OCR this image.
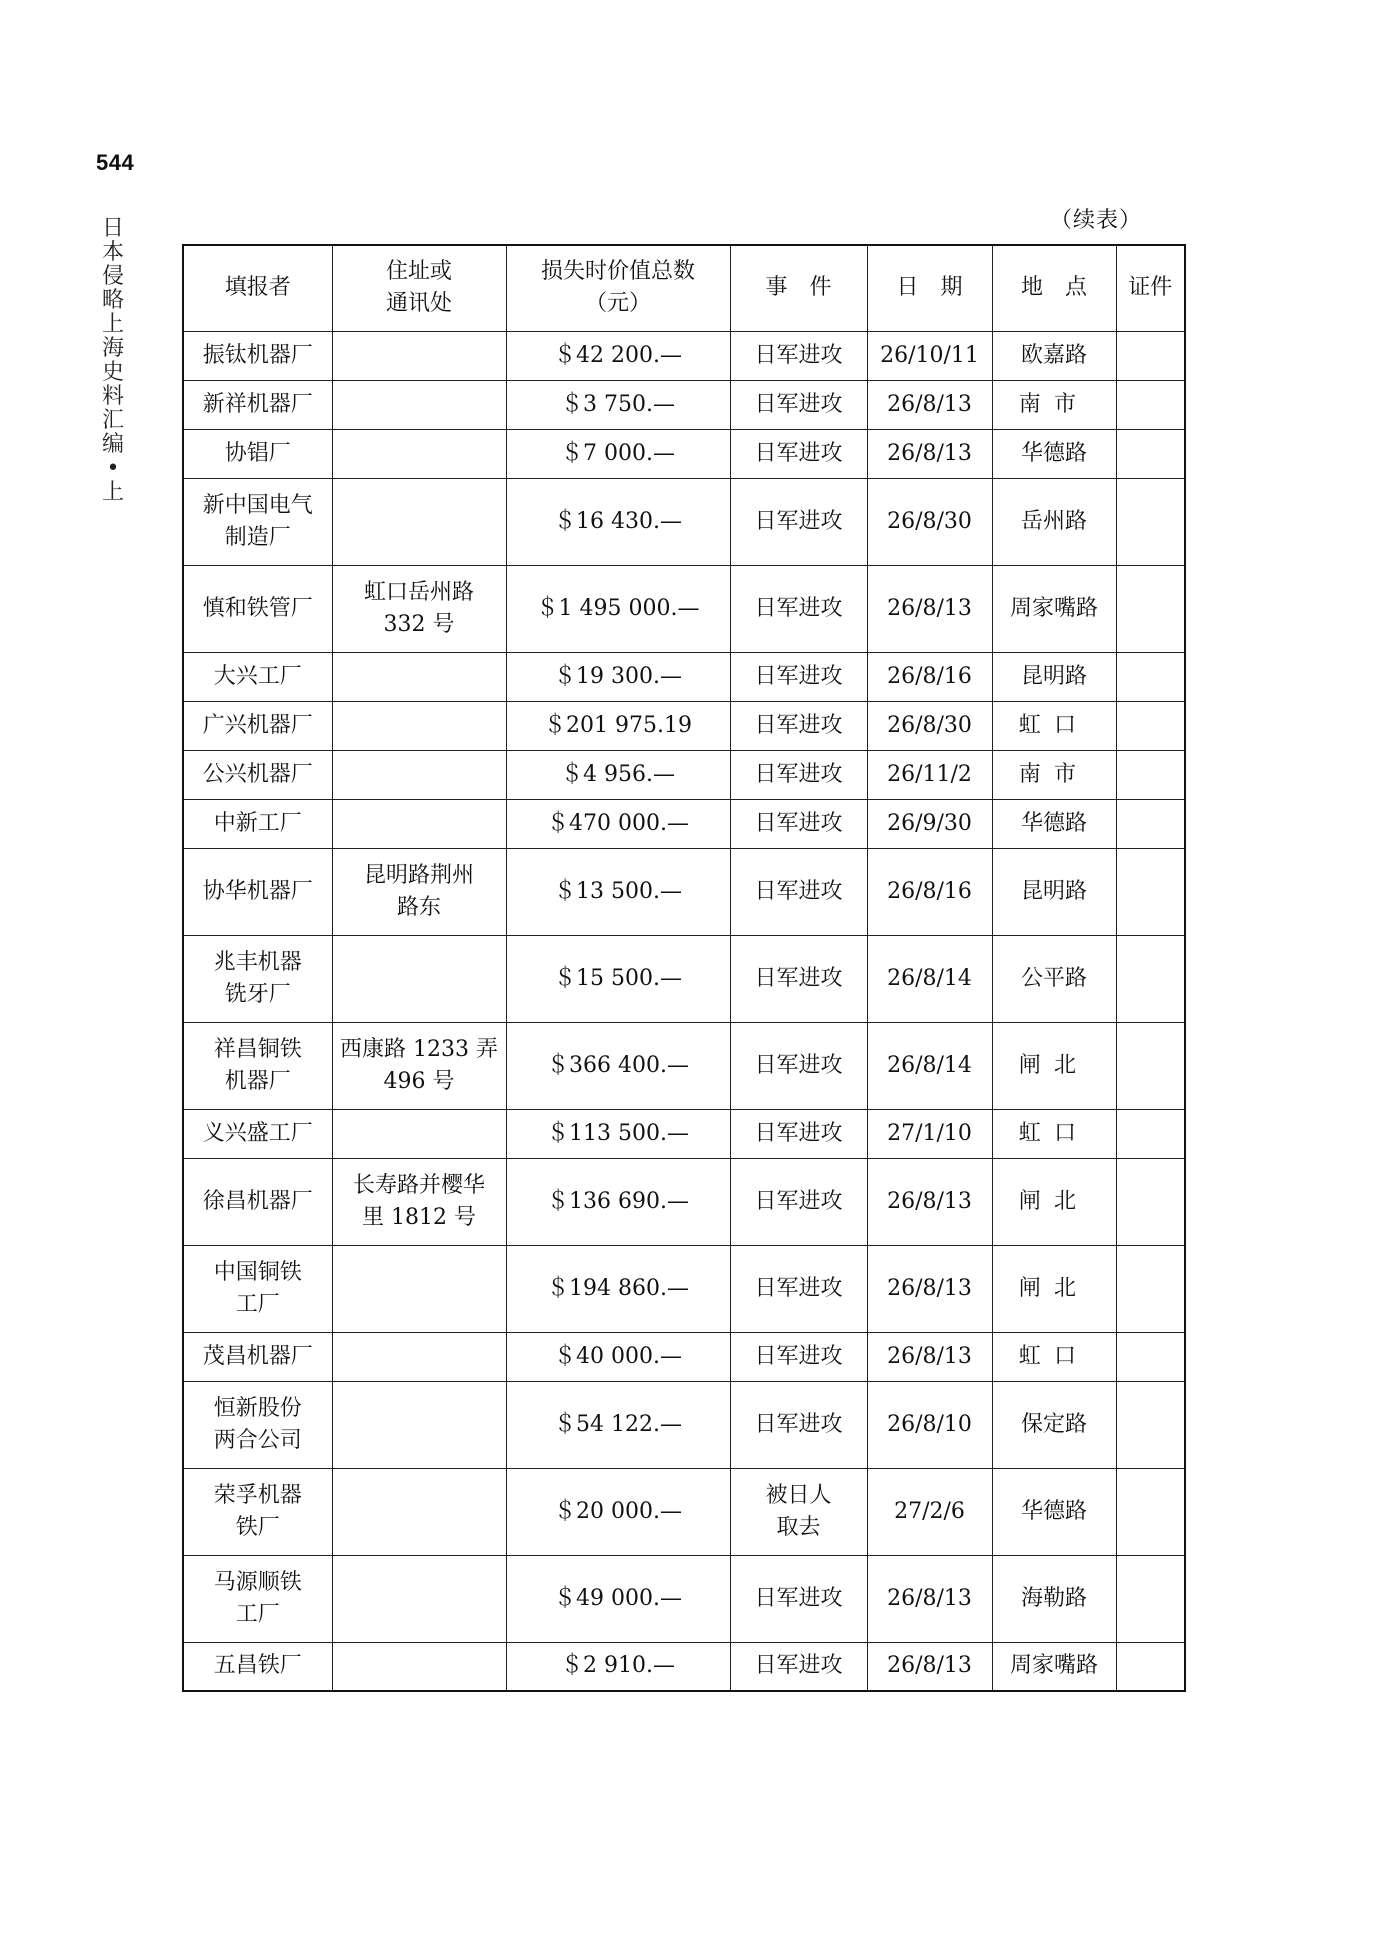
544
日本侵略上海史料汇编 • 上
（续表）
填报者	住址或
通讯处	损失时价值总数
（元）	事　件	日　期	地　点	证件

振钛机器厂		＄42 200.—	日军进攻	26/10/11	欧嘉路	

新祥机器厂		＄3 750.—	日军进攻	26/8/13	南市	

协锠厂		＄7 000.—	日军进攻	26/8/13	华德路	

新中国电气
制造厂		＄16 430.—	日军进攻	26/8/30	岳州路	

慎和铁管厂	虹口岳州路
332 号	＄1 495 000.—	日军进攻	26/8/13	周家嘴路	

大兴工厂		＄19 300.—	日军进攻	26/8/16	昆明路	

广兴机器厂		＄201 975.19	日军进攻	26/8/30	虹口	

公兴机器厂		＄4 956.—	日军进攻	26/11/2	南市	

中新工厂		＄470 000.—	日军进攻	26/9/30	华德路	

协华机器厂	昆明路荆州
路东	＄13 500.—	日军进攻	26/8/16	昆明路	

兆丰机器
铣牙厂		＄15 500.—	日军进攻	26/8/14	公平路	

祥昌铜铁
机器厂	西康路 1233 弄
496 号	＄366 400.—	日军进攻	26/8/14	闸北	

义兴盛工厂		＄113 500.—	日军进攻	27/1/10	虹口	

徐昌机器厂	长寿路并樱华
里 1812 号	＄136 690.—	日军进攻	26/8/13	闸北	

中国铜铁
工厂		＄194 860.—	日军进攻	26/8/13	闸北	

茂昌机器厂		＄40 000.—	日军进攻	26/8/13	虹口	

恒新股份
两合公司		＄54 122.—	日军进攻	26/8/10	保定路	

荣孚机器
铁厂		＄20 000.—	被日人
取去	27/2/6	华德路	

马源顺铁
工厂		＄49 000.—	日军进攻	26/8/13	海勒路	

五昌铁厂		＄2 910.—	日军进攻	26/8/13	周家嘴路	
